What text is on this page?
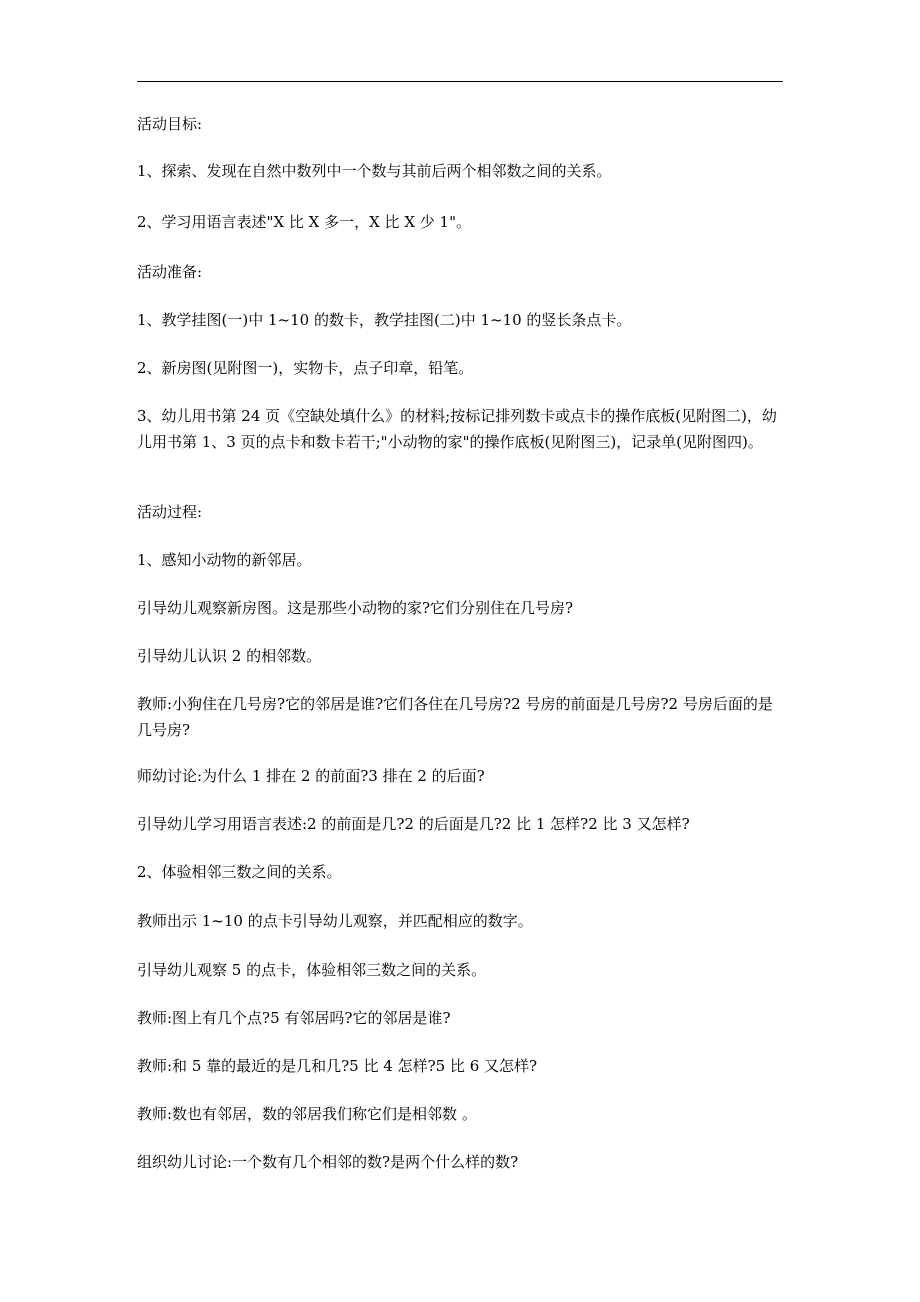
活动目标:
1、探索、发现在自然中数列中一个数与其前后两个相邻数之间的关系。
2、学习用语言表述"X 比 X 多一，X 比 X 少 1"。
活动准备:
1、教学挂图(一)中 1~10 的数卡，教学挂图(二)中 1~10 的竖长条点卡。
2、新房图(见附图一)，实物卡，点子印章，铅笔。
3、幼儿用书第 24 页《空缺处填什么》的材料;按标记排列数卡或点卡的操作底板(见附图二)，幼儿用书第 1、3 页的点卡和数卡若干;"小动物的家"的操作底板(见附图三)，记录单(见附图四)。
活动过程:
1、感知小动物的新邻居。
引导幼儿观察新房图。这是那些小动物的家?它们分别住在几号房?
引导幼儿认识 2 的相邻数。
教师:小狗住在几号房?它的邻居是谁?它们各住在几号房?2 号房的前面是几号房?2 号房后面的是几号房?
师幼讨论:为什么 1 排在 2 的前面?3 排在 2 的后面?
引导幼儿学习用语言表述:2 的前面是几?2 的后面是几?2 比 1 怎样?2 比 3 又怎样?
2、体验相邻三数之间的关系。
教师出示 1~10 的点卡引导幼儿观察，并匹配相应的数字。
引导幼儿观察 5 的点卡，体验相邻三数之间的关系。
教师:图上有几个点?5 有邻居吗?它的邻居是谁?
教师:和 5 靠的最近的是几和几?5 比 4 怎样?5 比 6 又怎样?
教师:数也有邻居，数的邻居我们称它们是相邻数 。
组织幼儿讨论:一个数有几个相邻的数?是两个什么样的数?
